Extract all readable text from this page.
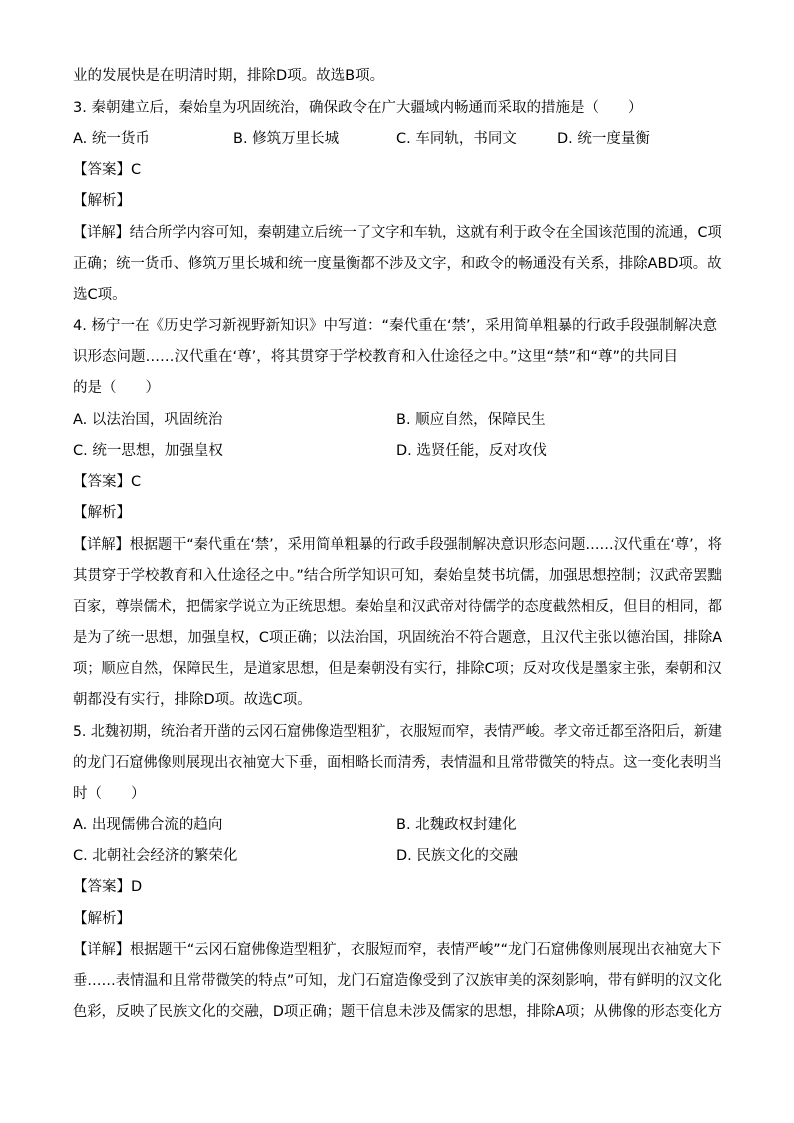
业的发展快是在明清时期，排除D项。故选B项。
3. 秦朝建立后，秦始皇为巩固统治，确保政令在广大疆域内畅通而采取的措施是（　　）
A. 统一货币	B. 修筑万里长城	C. 车同轨，书同文	D. 统一度量衡
【答案】C
【解析】
【详解】结合所学内容可知，秦朝建立后统一了文字和车轨，这就有利于政令在全国该范围的流通，C项
正确；统一货币、修筑万里长城和统一度量衡都不涉及文字，和政令的畅通没有关系，排除ABD项。故
选C项。
4. 杨宁一在《历史学习新视野新知识》中写道：“秦代重在‘禁’，采用简单粗暴的行政手段强制解决意
识形态问题……汉代重在‘尊’，将其贯穿于学校教育和入仕途径之中。”这里“禁”和“尊”的共同目
的是（　　）
A. 以法治国，巩固统治	B. 顺应自然，保障民生
C. 统一思想，加强皇权	D. 选贤任能，反对攻伐
【答案】C
【解析】
【详解】根据题干“秦代重在‘禁’，采用简单粗暴的行政手段强制解决意识形态问题……汉代重在‘尊’，将
其贯穿于学校教育和入仕途径之中。”结合所学知识可知，秦始皇焚书坑儒，加强思想控制；汉武帝罢黜
百家，尊崇儒术，把儒家学说立为正统思想。秦始皇和汉武帝对待儒学的态度截然相反，但目的相同，都
是为了统一思想，加强皇权，C项正确；以法治国，巩固统治不符合题意，且汉代主张以德治国，排除A
项；顺应自然，保障民生，是道家思想，但是秦朝没有实行，排除C项；反对攻伐是墨家主张，秦朝和汉
朝都没有实行，排除D项。故选C项。
5. 北魏初期，统治者开凿的云冈石窟佛像造型粗犷，衣服短而窄，表情严峻。孝文帝迁都至洛阳后，新建
的龙门石窟佛像则展现出衣袖宽大下垂，面相略长而清秀，表情温和且常带微笑的特点。这一变化表明当
时（　　）
A. 出现儒佛合流的趋向	B. 北魏政权封建化
C. 北朝社会经济的繁荣化	D. 民族文化的交融
【答案】D
【解析】
【详解】根据题干“云冈石窟佛像造型粗犷，衣服短而窄，表情严峻”“龙门石窟佛像则展现出衣袖宽大下
垂……表情温和且常带微笑的特点”可知，龙门石窟造像受到了汉族审美的深刻影响，带有鲜明的汉文化
色彩，反映了民族文化的交融，D项正确；题干信息未涉及儒家的思想，排除A项；从佛像的形态变化方
